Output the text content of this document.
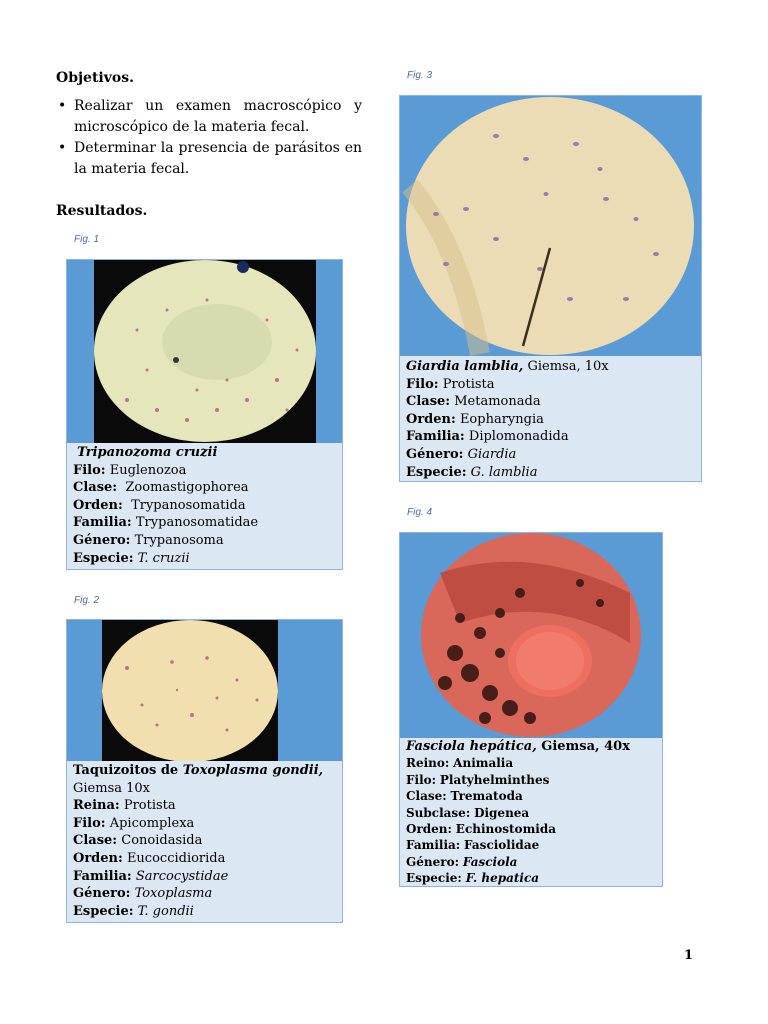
Objetivos.
• Realizar un examen macroscópico y microscópico de la materia fecal.
• Determinar la presencia de parásitos en la materia fecal.
Resultados.
Fig. 1
Tripanozoma cruzii
Filo: Euglenozoa
Clase:  Zoomastigophorea
Orden:  Trypanosomatida
Familia: Trypanosomatidae
Género: Trypanosoma
Especie: T. cruzii
Fig. 2
Taquizoitos de Toxoplasma gondii,
Giemsa 10x
Reina: Protista
Filo: Apicomplexa
Clase: Conoidasida
Orden: Eucoccidiorida
Familia: Sarcocystidae
Género: Toxoplasma
Especie: T. gondii
Fig. 3
Giardia lamblia, Giemsa, 10x
Filo: Protista
Clase: Metamonada
Orden: Eopharyngia
Familia: Diplomonadida
Género: Giardia
Especie: G. lamblia
Fig. 4
Fasciola hepática, Giemsa, 40x
Reino: Animalia
Filo: Platyhelminthes
Clase: Trematoda
Subclase: Digenea
Orden: Echinostomida
Familia: Fasciolidae
Género: Fasciola
Especie: F. hepatica
1
